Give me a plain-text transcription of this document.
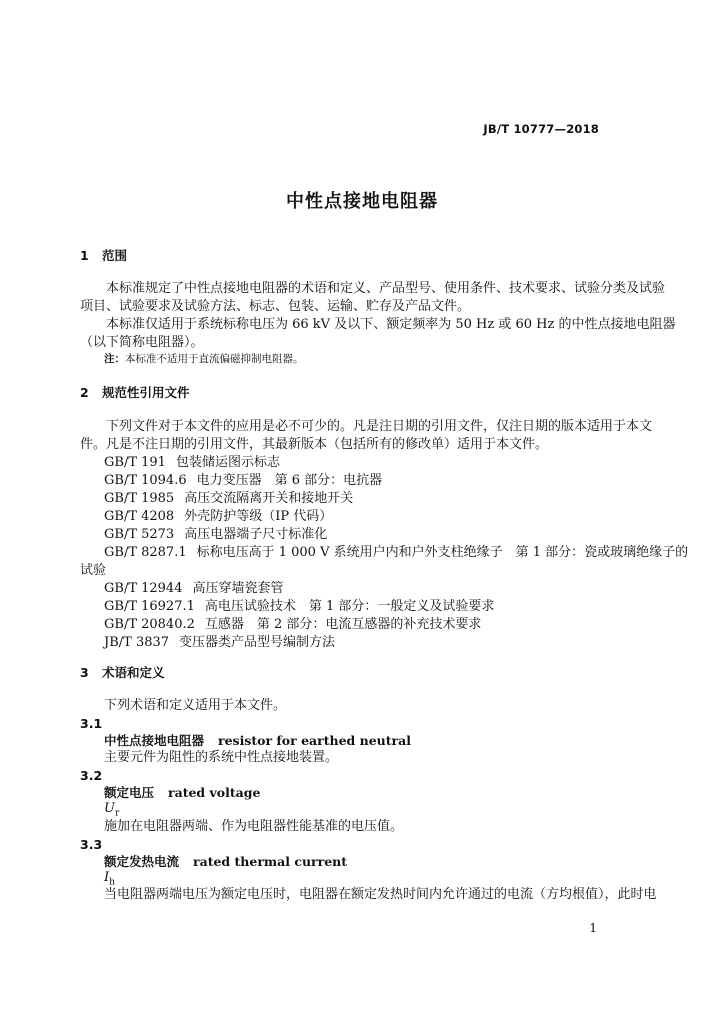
JB/T 10777—2018
中性点接地电阻器
1 范围
本标准规定了中性点接地电阻器的术语和定义、产品型号、使用条件、技术要求、试验分类及试验
项目、试验要求及试验方法、标志、包装、运输、贮存及产品文件。
本标准仅适用于系统标称电压为 66 kV 及以下、额定频率为 50 Hz 或 60 Hz 的中性点接地电阻器
（以下简称电阻器）。
注：本标准不适用于直流偏磁抑制电阻器。
2 规范性引用文件
下列文件对于本文件的应用是必不可少的。凡是注日期的引用文件，仅注日期的版本适用于本文
件。凡是不注日期的引用文件，其最新版本（包括所有的修改单）适用于本文件。
GB/T 191 包装储运图示标志
GB/T 1094.6 电力变压器　第 6 部分：电抗器
GB/T 1985 高压交流隔离开关和接地开关
GB/T 4208 外壳防护等级（IP 代码）
GB/T 5273 高压电器端子尺寸标准化
GB/T 8287.1 标称电压高于 1 000 V 系统用户内和户外支柱绝缘子　第 1 部分：瓷或玻璃绝缘子的
试验
GB/T 12944 高压穿墙瓷套管
GB/T 16927.1 高电压试验技术　第 1 部分：一般定义及试验要求
GB/T 20840.2 互感器　第 2 部分：电流互感器的补充技术要求
JB/T 3837 变压器类产品型号编制方法
3 术语和定义
下列术语和定义适用于本文件。
3.1
中性点接地电阻器 resistor for earthed neutral
主要元件为阻性的系统中性点接地装置。
3.2
额定电压 rated voltage
$U_r$
施加在电阻器两端、作为电阻器性能基准的电压值。
3.3
额定发热电流 rated thermal current
$I_h$
当电阻器两端电压为额定电压时，电阻器在额定发热时间内允许通过的电流（方均根值），此时电
1
